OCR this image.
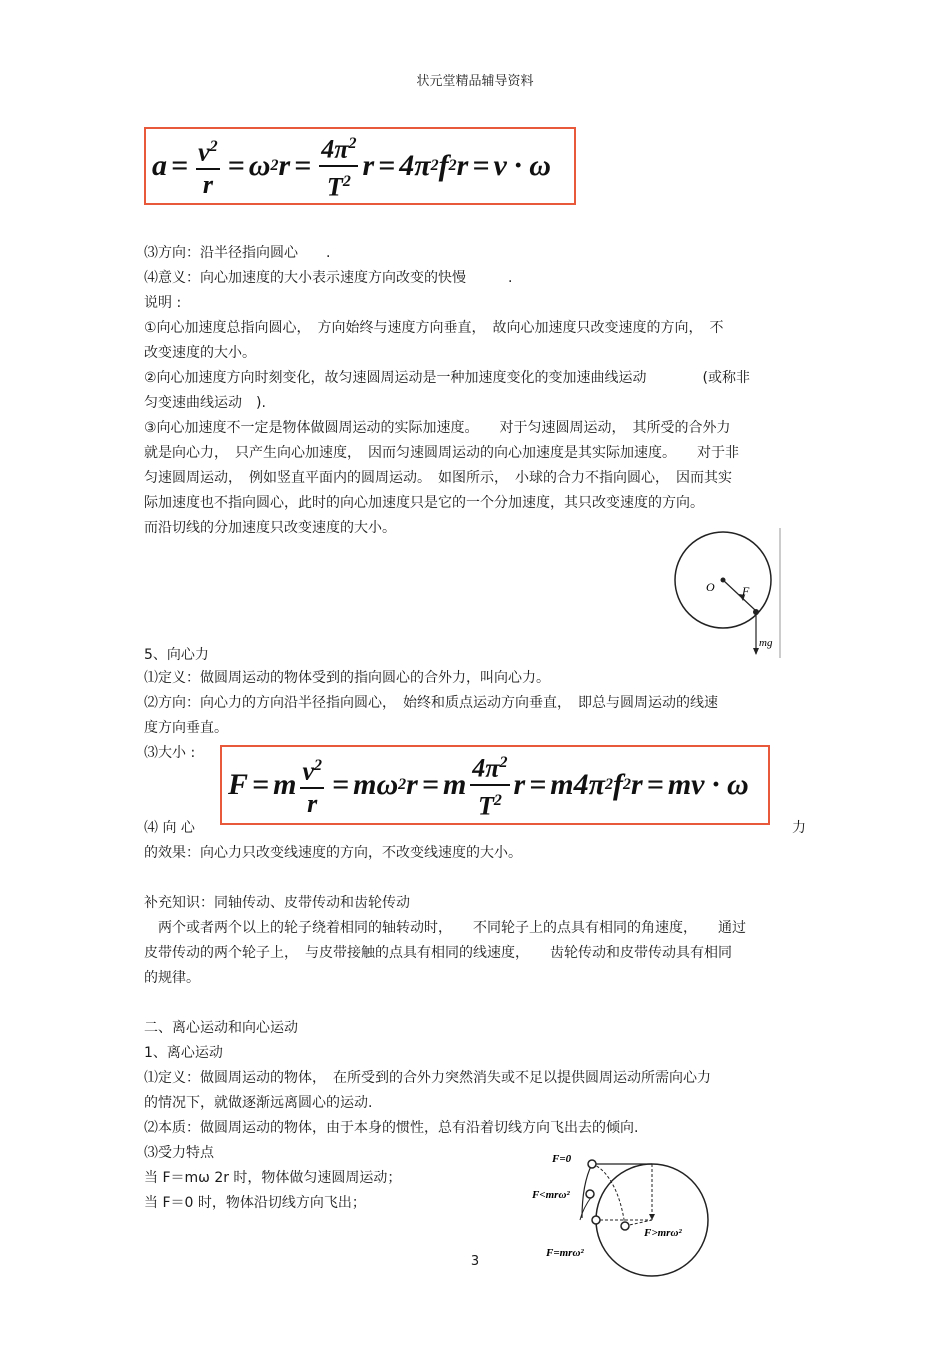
状元堂精品辅导资料
$a = \frac{v^2}{r} = \omega$ 2 $r = \frac{4\pi^2}{T^2}$ r = 4π 2 f 2 r = v · ω
⑶方向：沿半径指向圆心　　.
⑷意义：向心加速度的大小表示速度方向改变的快慢　　　.
说明 :
①向心加速度总指向圆心，　方向始终与速度方向垂直，　故向心加速度只改变速度的方向，　不
改变速度的大小。
②向心加速度方向时刻变化，故匀速圆周运动是一种加速度变化的变加速曲线运动　　　　(或称非
匀变速曲线运动　).
③向心加速度不一定是物体做圆周运动的实际加速度。　　对于匀速圆周运动，　其所受的合外力
就是向心力，　只产生向心加速度，　因而匀速圆周运动的向心加速度是其实际加速度。　　对于非
匀速圆周运动，　例如竖直平面内的圆周运动。　如图所示，　小球的合力不指向圆心，　因而其实
际加速度也不指向圆心，此时的向心加速度只是它的一个分加速度，其只改变速度的方向。
而沿切线的分加速度只改变速度的大小。
O F
mg
5、向心力
⑴定义：做圆周运动的物体受到的指向圆心的合外力，叫向心力。
⑵方向：向心力的方向沿半径指向圆心，　始终和质点运动方向垂直，　即总与圆周运动的线速
度方向垂直。
⑶大小 :
F = m $\frac{v^2}{r} = m\omega$ 2 r = m $\frac{4\pi^2}{T^2}$ r = m4π 2 f 2 r = mv · ω
⑷ 向 心	力
的效果：向心力只改变线速度的方向，不改变线速度的大小。
补充知识：同轴传动、皮带传动和齿轮传动
　两个或者两个以上的轮子绕着相同的轴转动时，　　不同轮子上的点具有相同的角速度，　　通过
皮带传动的两个轮子上，　与皮带接触的点具有相同的线速度，　　齿轮传动和皮带传动具有相同
的规律。
二、离心运动和向心运动
1、离心运动
⑴定义：做圆周运动的物体，　在所受到的合外力突然消失或不足以提供圆周运动所需向心力
的情况下，就做逐渐远离圆心的运动.
⑵本质：做圆周运动的物体，由于本身的惯性，总有沿着切线方向飞出去的倾向.
⑶受力特点
当 F＝mω 2r 时，物体做匀速圆周运动；
当 F＝0 时，物体沿切线方向飞出；
F=0
F<mrω²
F>mrω²
F=mrω²
3
